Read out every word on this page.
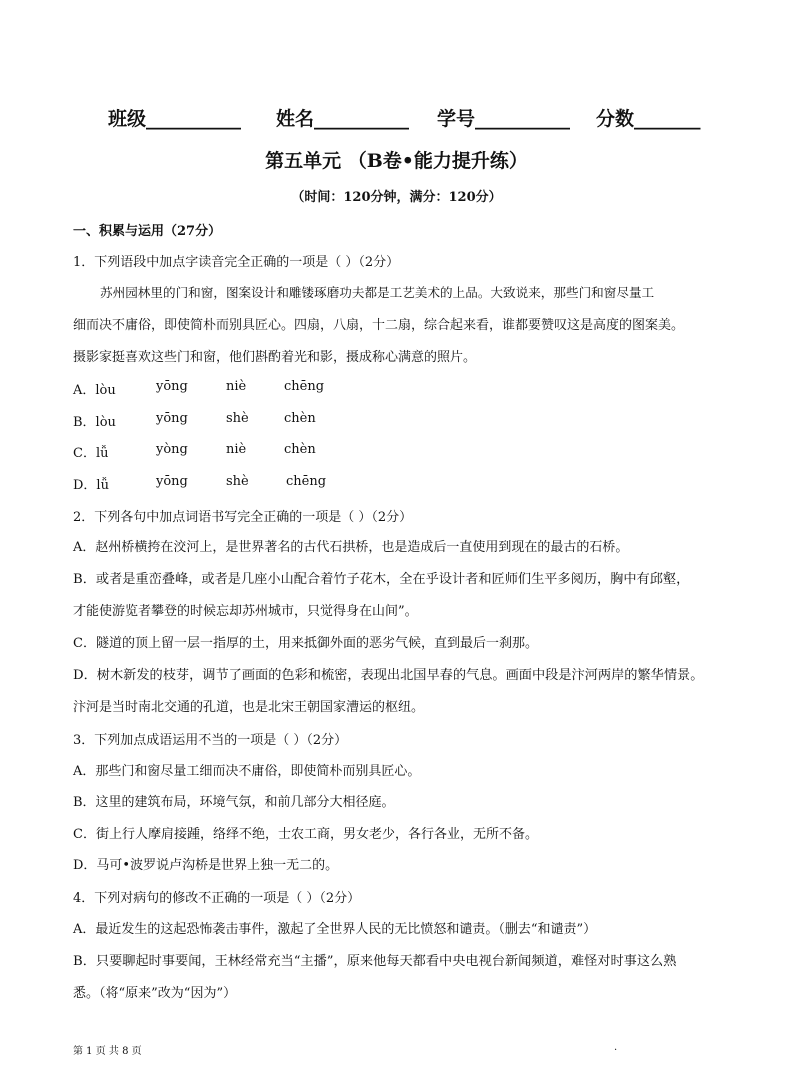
班级__________ 姓名__________ 学号__________ 分数_______
第五单元 （B卷•能力提升练）
（时间：120分钟，满分：120分）
一、积累与运用（27分）
1．下列语段中加点字读音完全正确的一项是（ ）（2分）
苏州园林里的门和窗，图案设计和雕镂琢磨功夫都是工艺美术的上品。大致说来，那些门和窗尽量工
细而决不庸俗，即使简朴而别具匠心。四扇，八扇，十二扇，综合起来看，谁都要赞叹这是高度的图案美。
摄影家挺喜欢这些门和窗，他们斟酌着光和影，摄成称心满意的照片。
A．lòu	yōng	niè	chēng
B．lòu	yōng	shè	chèn
C．lǚ	yòng	niè	chèn
D．lǚ	yōng	shè	chēng
2．下列各句中加点词语书写完全正确的一项是（ ）（2分）
A．赵州桥横挎在洨河上，是世界著名的古代石拱桥，也是造成后一直使用到现在的最古的石桥。
B．或者是重峦叠峰，或者是几座小山配合着竹子花木，全在乎设计者和匠师们生平多阅历，胸中有邱壑，
才能使游览者攀登的时候忘却苏州城市，只觉得身在山间”。
C．隧道的顶上留一层一指厚的土，用来抵御外面的恶劣气候，直到最后一刹那。
D．树木新发的枝芽，调节了画面的色彩和梳密，表现出北国早春的气息。画面中段是汴河两岸的繁华情景。
汴河是当时南北交通的孔道，也是北宋王朝国家漕运的枢纽。
3．下列加点成语运用不当的一项是（ ）（2分）
A．那些门和窗尽量工细而决不庸俗，即使简朴而别具匠心。
B．这里的建筑布局，环境气氛，和前几部分大相径庭。
C．街上行人摩肩接踵，络绎不绝，士农工商，男女老少，各行各业，无所不备。
D．马可•波罗说卢沟桥是世界上独一无二的。
4．下列对病句的修改不正确的一项是（ ）（2分）
A．最近发生的这起恐怖袭击事件，激起了全世界人民的无比愤怒和谴责。（删去“和谴责”）
B．只要聊起时事要闻，王林经常充当“主播”，原来他每天都看中央电视台新闻频道，难怪对时事这么熟
悉。（将“原来”改为“因为”）
第 1 页 共 8 页	.
